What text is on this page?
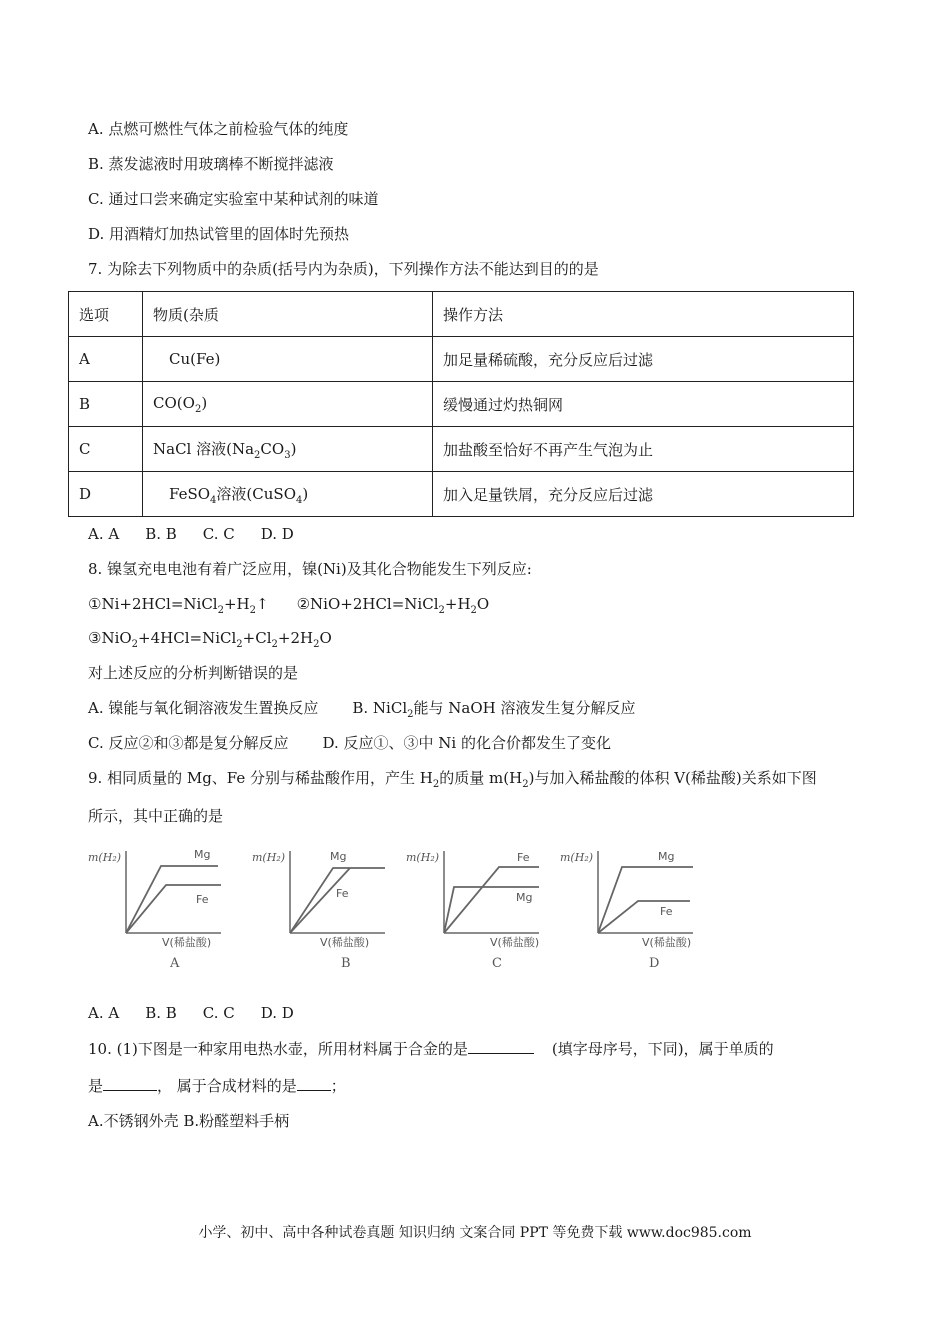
A. 点燃可燃性气体之前检验气体的纯度
B. 蒸发滤液时用玻璃棒不断搅拌滤液
C. 通过口尝来确定实验室中某种试剂的味道
D. 用酒精灯加热试管里的固体时先预热
7. 为除去下列物质中的杂质(括号内为杂质)，下列操作方法不能达到目的的是
选项	物质(杂质	操作方法
A	Cu(Fe)	加足量稀硫酸，充分反应后过滤
B	$CO(O_2)$	缓慢通过灼热铜网
C	NaCl 溶液$(Na_2CO_3)$	加盐酸至恰好不再产生气泡为止
D	FeSO$_4$溶液(CuSO$_4$)	加入足量铁屑，充分反应后过滤
A. A B. B C. C D. D
8. 镍氢充电电池有着广泛应用，镍(Ni)及其化合物能发生下列反应:
$①Ni+2HCl=NiCl_2+H_2↑$ $②NiO+2HCl=NiCl_2+H_2O$
$③NiO_2+4HCl=NiCl_2+Cl_2+2H_2O$
对上述反应的分析判断错误的是
A. 镍能与氧化铜溶液发生置换反应 B. NiCl$_2$能与 NaOH 溶液发生复分解反应
C. 反应②和③都是复分解反应 D. 反应①、③中 Ni 的化合价都发生了变化
9. 相同质量的 Mg、Fe 分别与稀盐酸作用，产生 $H_2$的质量 $m(H_2)$与加入稀盐酸的体积 V(稀盐酸)关系如下图
所示，其中正确的是
m(H₂)	Mg
Fe
V(稀盐酸)
A
m(H₂)	Mg
Fe
V(稀盐酸)
B
m(H₂)	Fe
Mg
V(稀盐酸)
C
m(H₂)	Mg
Fe
V(稀盐酸)
D
A. A B. B C. C D. D
10. (1)下图是一种家用电热水壶，所用材料属于合金的是	(填字母序号，下同)，属于单质的
是	， 属于合成材料的是 ；
A.不锈钢外壳 B.粉醛塑料手柄
小学、初中、高中各种试卷真题 知识归纳 文案合同 PPT 等免费下载 www.doc985.com
